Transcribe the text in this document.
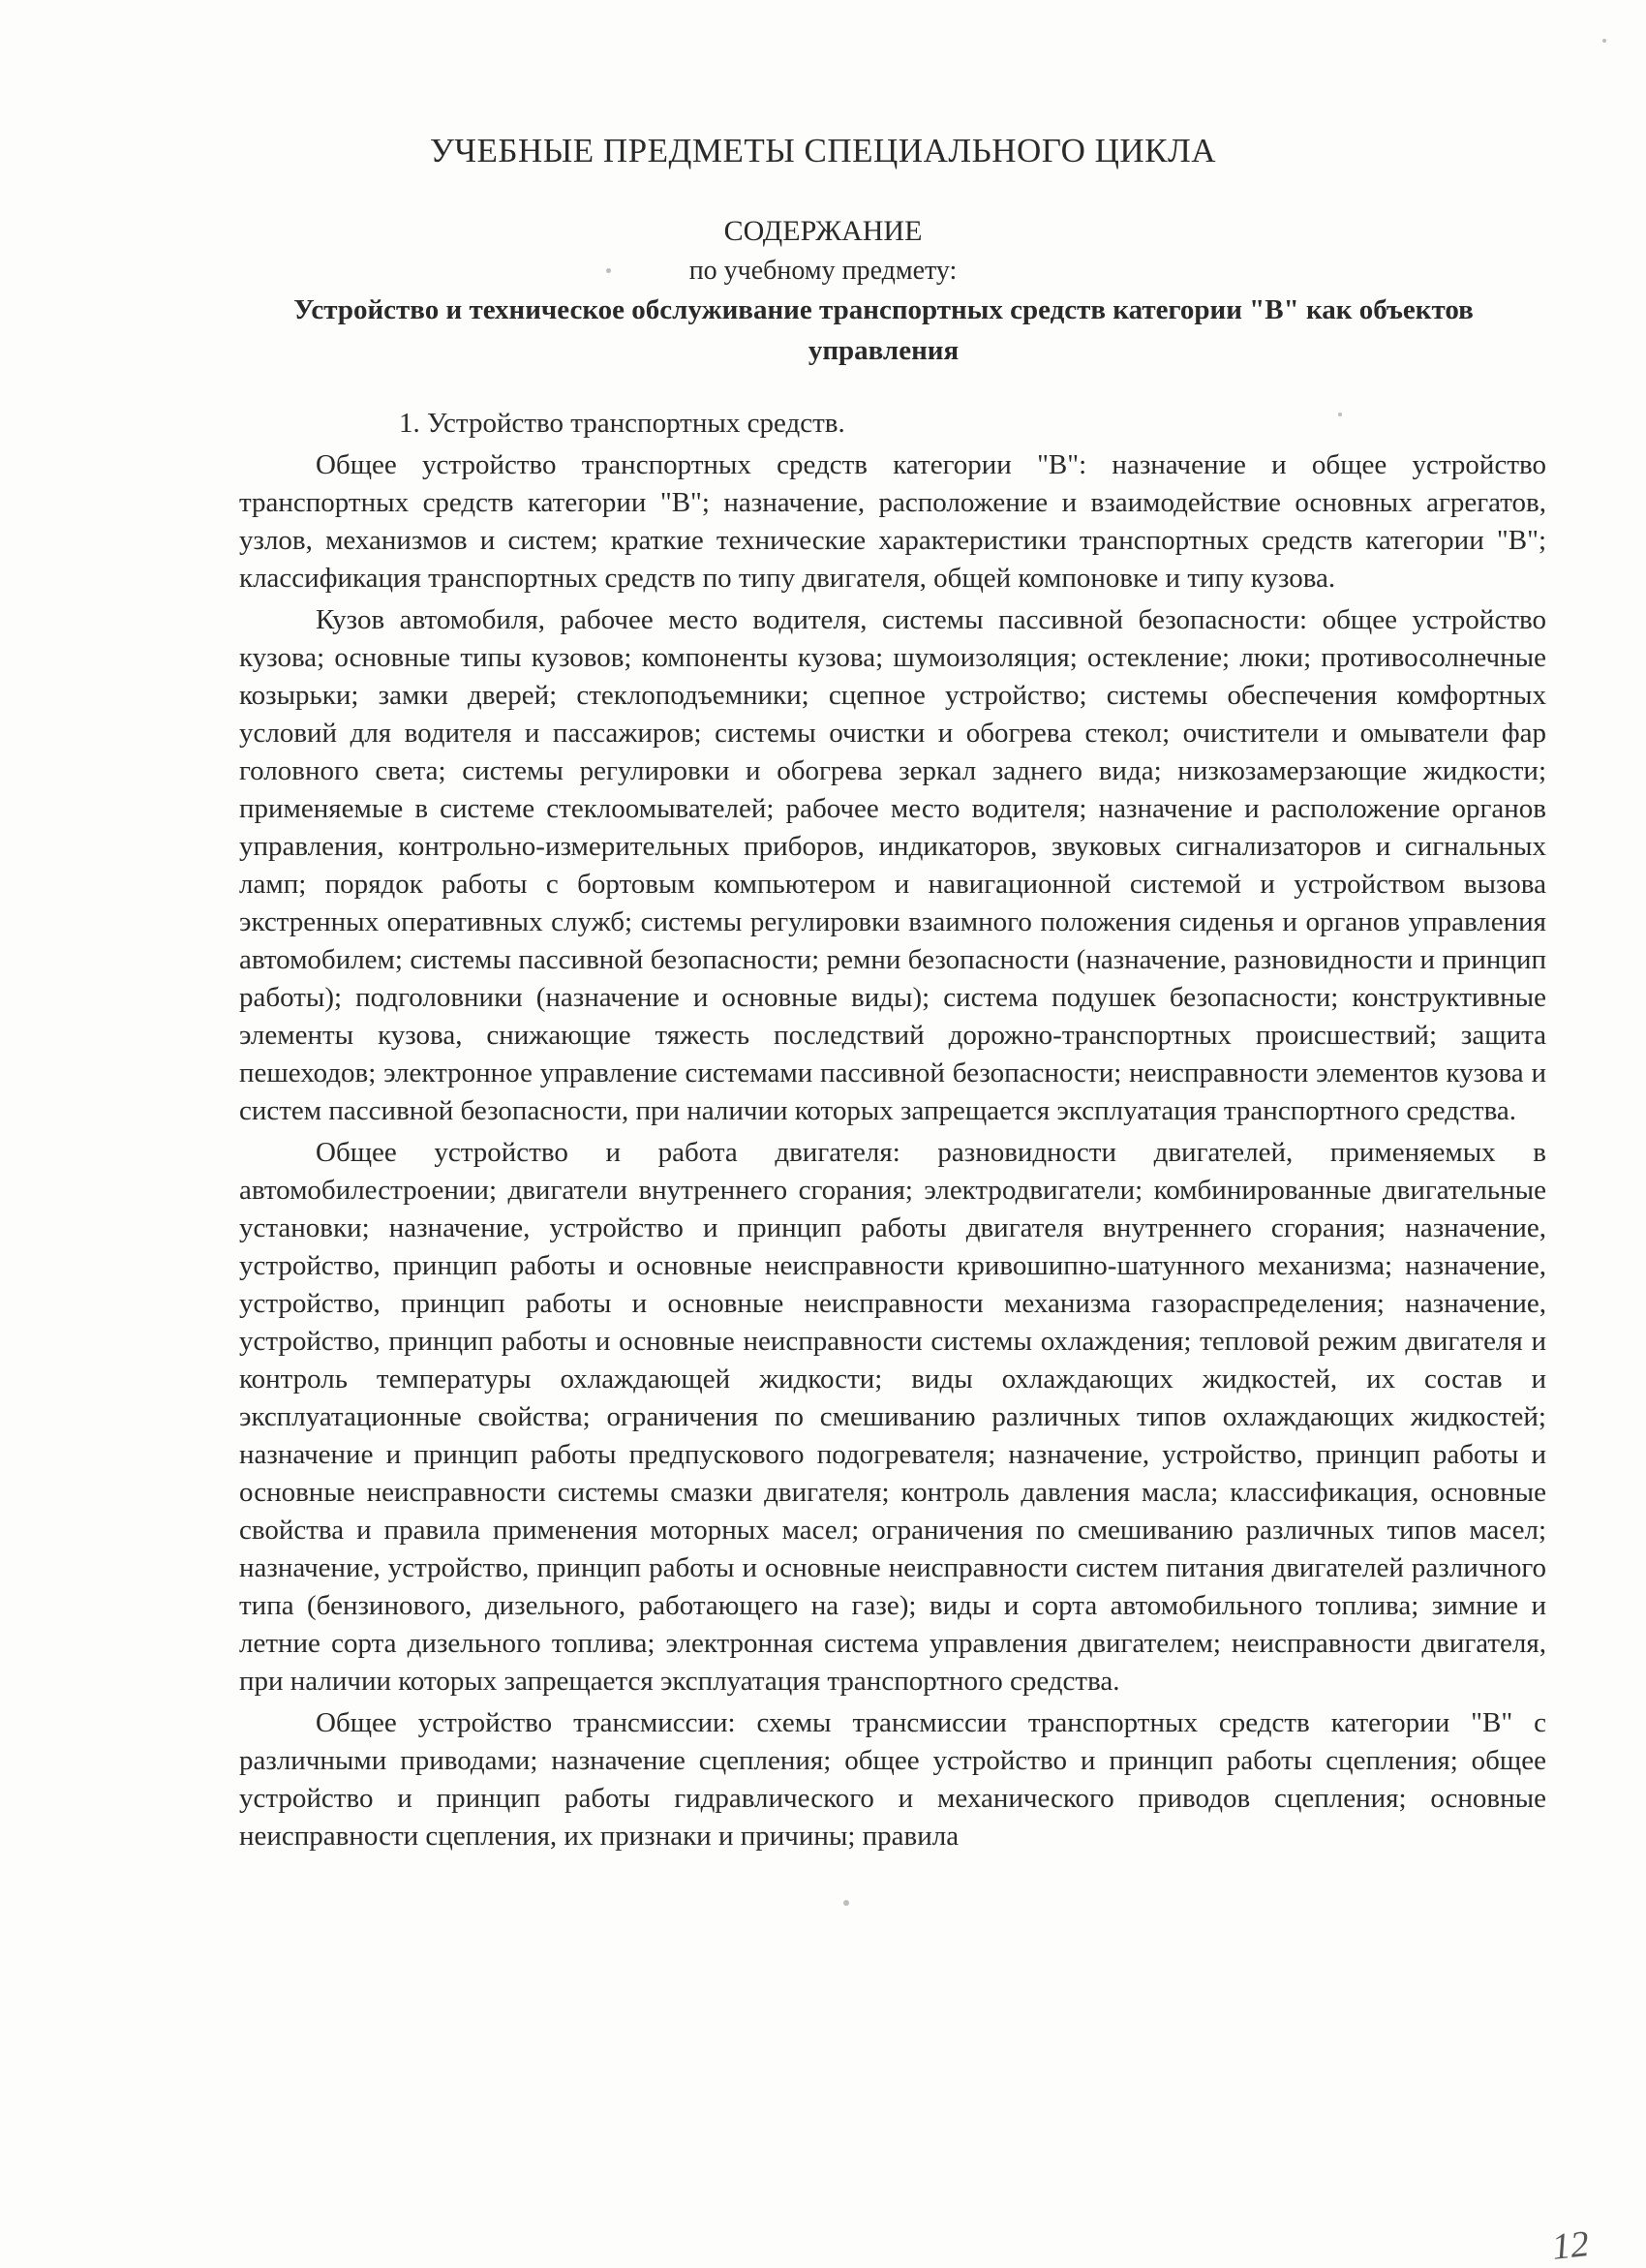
УЧЕБНЫЕ ПРЕДМЕТЫ СПЕЦИАЛЬНОГО ЦИКЛА
СОДЕРЖАНИЕ
по учебному предмету:
Устройство и техническое обслуживание транспортных средств категории "В" как объектов управления
1. Устройство транспортных средств.

Общее устройство транспортных средств категории "В": назначение и общее устройство транспортных средств категории "В"; назначение, расположение и взаимодействие основных агрегатов, узлов, механизмов и систем; краткие технические характеристики транспортных средств категории "В"; классификация транспортных средств по типу двигателя, общей компоновке и типу кузова.

Кузов автомобиля, рабочее место водителя, системы пассивной безопасности: общее устройство кузова; основные типы кузовов; компоненты кузова; шумоизоляция; остекление; люки; противосолнечные козырьки; замки дверей; стеклоподъемники; сцепное устройство; системы обеспечения комфортных условий для водителя и пассажиров; системы очистки и обогрева стекол; очистители и омыватели фар головного света; системы регулировки и обогрева зеркал заднего вида; низкозамерзающие жидкости; применяемые в системе стеклоомывателей; рабочее место водителя; назначение и расположение органов управления, контрольно-измерительных приборов, индикаторов, звуковых сигнализаторов и сигнальных ламп; порядок работы с бортовым компьютером и навигационной системой и устройством вызова экстренных оперативных служб; системы регулировки взаимного положения сиденья и органов управления автомобилем; системы пассивной безопасности; ремни безопасности (назначение, разновидности и принцип работы); подголовники (назначение и основные виды); система подушек безопасности; конструктивные элементы кузова, снижающие тяжесть последствий дорожно-транспортных происшествий; защита пешеходов; электронное управление системами пассивной безопасности; неисправности элементов кузова и систем пассивной безопасности, при наличии которых запрещается эксплуатация транспортного средства.

Общее устройство и работа двигателя: разновидности двигателей, применяемых в автомобилестроении; двигатели внутреннего сгорания; электродвигатели; комбинированные двигательные установки; назначение, устройство и принцип работы двигателя внутреннего сгорания; назначение, устройство, принцип работы и основные неисправности кривошипно-шатунного механизма; назначение, устройство, принцип работы и основные неисправности механизма газораспределения; назначение, устройство, принцип работы и основные неисправности системы охлаждения; тепловой режим двигателя и контроль температуры охлаждающей жидкости; виды охлаждающих жидкостей, их состав и эксплуатационные свойства; ограничения по смешиванию различных типов охлаждающих жидкостей; назначение и принцип работы предпускового подогревателя; назначение, устройство, принцип работы и основные неисправности системы смазки двигателя; контроль давления масла; классификация, основные свойства и правила применения моторных масел; ограничения по смешиванию различных типов масел; назначение, устройство, принцип работы и основные неисправности систем питания двигателей различного типа (бензинового, дизельного, работающего на газе); виды и сорта автомобильного топлива; зимние и летние сорта дизельного топлива; электронная система управления двигателем; неисправности двигателя, при наличии которых запрещается эксплуатация транспортного средства.

Общее устройство трансмиссии: схемы трансмиссии транспортных средств категории "В" с различными приводами; назначение сцепления; общее устройство и принцип работы сцепления; общее устройство и принцип работы гидравлического и механического приводов сцепления; основные неисправности сцепления, их признаки и причины; правила

12
